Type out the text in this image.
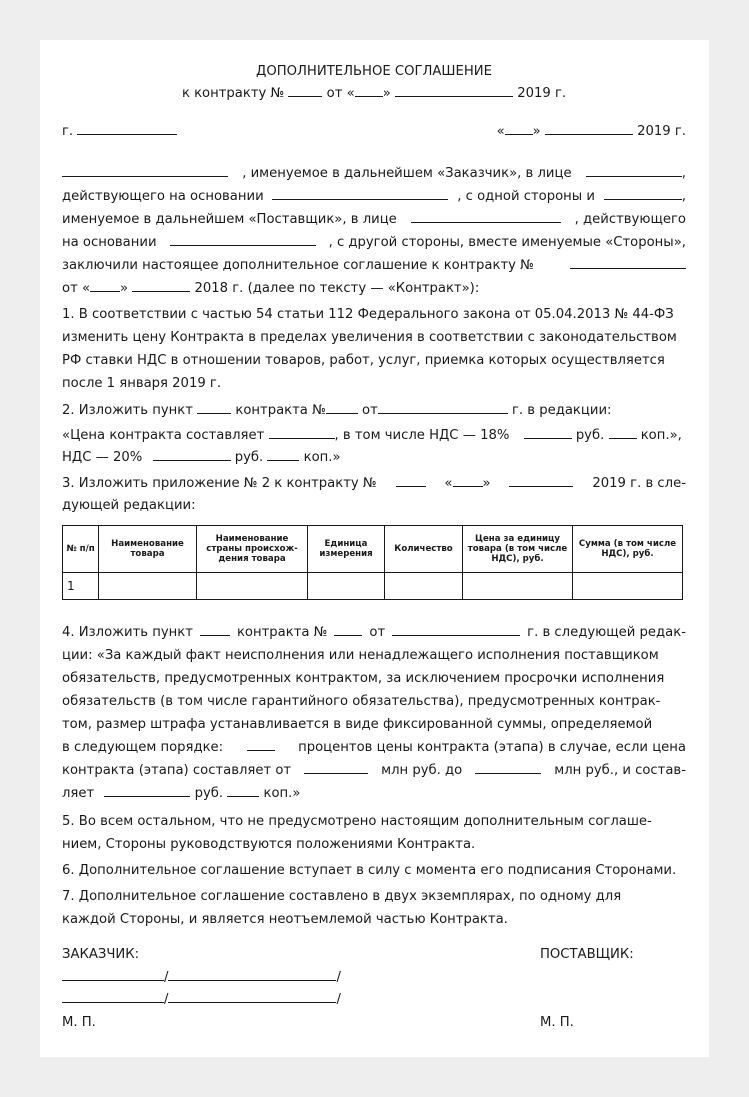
ДОПОЛНИТЕЛЬНОЕ СОГЛАШЕНИЕ
к контракту №	от « »	2019 г.
г.	« »	2019 г.
, именуемое в дальнейшем «Заказчик», в лице	,
действующего на основании	, с одной стороны и	,
именуемое в дальнейшем «Поставщик», в лице	, действующего
на основании	, с другой стороны, вместе именуемые «Стороны»,
заключили настоящее дополнительное соглашение к контракту №
от « »	2018 г. (далее по тексту — «Контракт»):
1. В соответствии с частью 54 статьи 112 Федерального закона от 05.04.2013 № 44-ФЗ
изменить цену Контракта в пределах увеличения в соответствии с законодательством
РФ ставки НДС в отношении товаров, работ, услуг, приемка которых осуществляется
после 1 января 2019 г.
2. Изложить пункт	контракта №	от	г. в редакции:
«Цена контракта составляет	, в том числе НДС — 18%	руб.	коп.»,
НДС — 20%	руб.	коп.»
3. Изложить приложение № 2 к контракту №	« »	2019 г. в сле-
дующей редакции:
№ п/п	Наименование товара	Наименование страны происхож-дения товара	Единица измерения	Количество	Цена за единицу товара (в том числе НДС), руб.	Сумма (в том числе НДС), руб.
1						
4. Изложить пункт	контракта №	от	г. в следующей редак-
ции: «За каждый факт неисполнения или ненадлежащего исполнения поставщиком
обязательств, предусмотренных контрактом, за исключением просрочки исполнения
обязательств (в том числе гарантийного обязательства), предусмотренных контрак-
том, размер штрафа устанавливается в виде фиксированной суммы, определяемой
в следующем порядке:	процентов цены контракта (этапа) в случае, если цена
контракта (этапа) составляет от	млн руб. до	млн руб., и состав-
ляет	руб.	коп.»
5. Во всем остальном, что не предусмотрено настоящим дополнительным соглаше-
нием, Стороны руководствуются положениями Контракта.
6. Дополнительное соглашение вступает в силу с момента его подписания Сторонами.
7. Дополнительное соглашение составлено в двух экземплярах, по одному для
каждой Стороны, и является неотъемлемой частью Контракта.
ЗАКАЗЧИК:	ПОСТАВЩИК:
/	/
/	/
М. П.	М. П.
